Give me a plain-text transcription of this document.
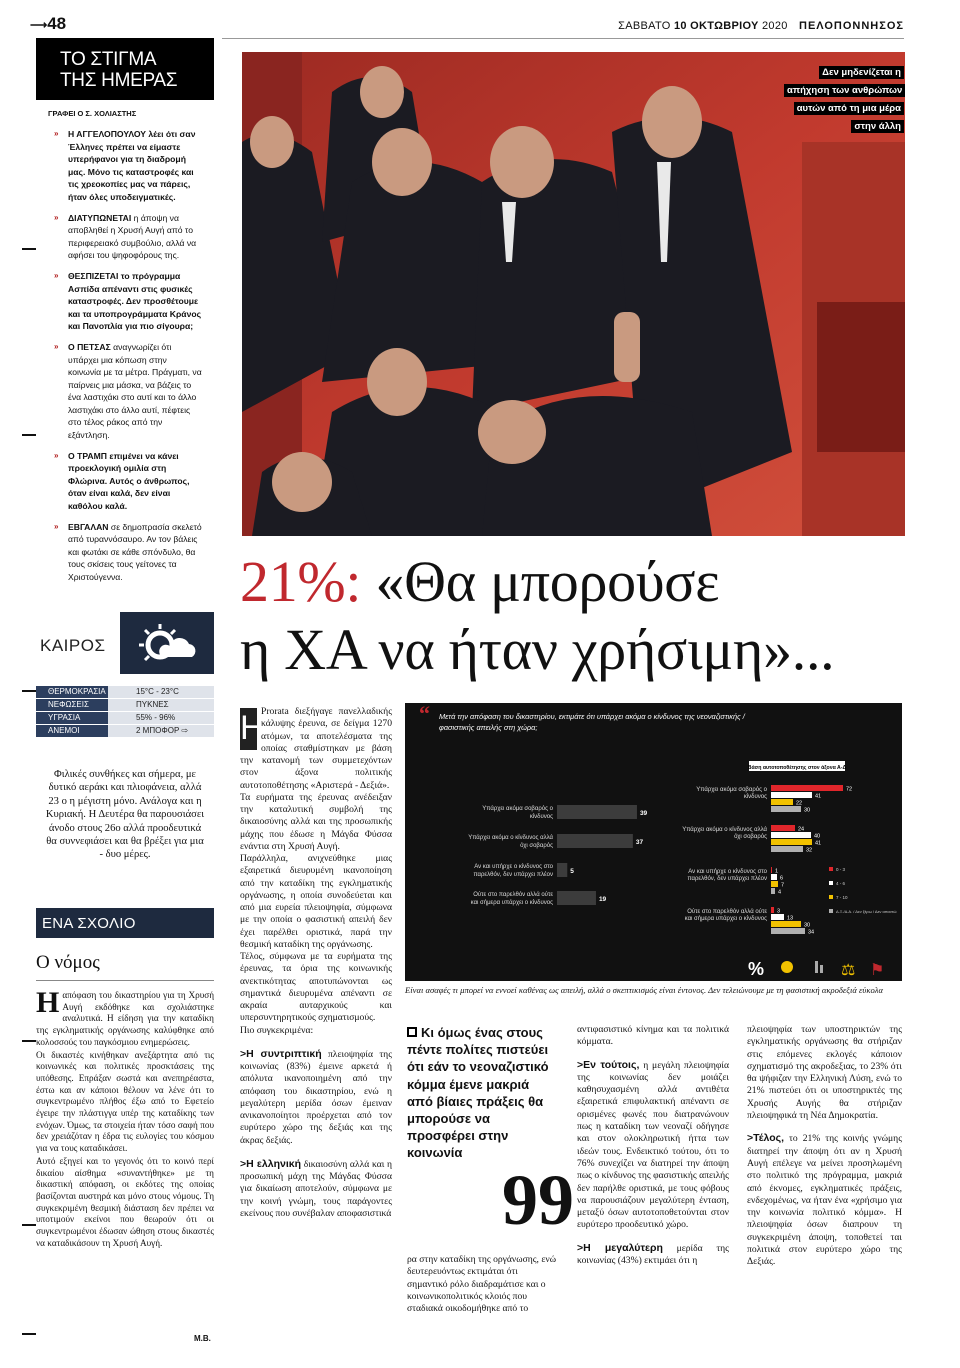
⟶48	ΣΑΒΒΑΤΟ 10 ΟΚΤΩΒΡΙΟΥ 2020 ΠΕΛΟΠΟΝΝΗΣΟΣ
ΤΟ ΣΤΙΓΜΑ
ΤΗΣ ΗΜΕΡΑΣ
ΓΡΑΦΕΙ Ο Σ. ΧΟΛΙΑΣΤΗΣ
» Η ΑΓΓΕΛΟΠΟΥΛΟΥ λέει ότι σαν Έλληνες πρέπει να είμαστε υπερήφανοι για τη διαδρομή μας. Μόνο τις καταστροφές και τις χρεοκοπίες μας να πάρεις, ήταν όλες υποδειγματικές.
» ΔΙΑΤΥΠΩΝΕΤΑΙ η άποψη να αποβληθεί η Χρυσή Αυγή από το περιφερειακό συμβούλιο, αλλά να αφήσει του ψηφοφόρους της.
» ΘΕΣΠΙΖΕΤΑΙ το πρόγραμμα Ασπίδα απέναντι στις φυσικές καταστροφές. Δεν προσθέτουμε και τα υποπρογράμματα Κράνος και Πανοπλία για πιο σίγουρα;
» Ο ΠΕΤΣΑΣ αναγνωρίζει ότι υπάρχει μια κόπωση στην κοινωνία με τα μέτρα. Πράγματι, να παίρνεις μια μάσκα, να βάζεις το ένα λαστιχάκι στο αυτί και το άλλο λαστιχάκι στο άλλο αυτί, πέφτεις στο τέλος ράκος από την εξάντληση.
» Ο ΤΡΑΜΠ επιμένει να κάνει προεκλογική ομιλία στη Φλώρινα. Αυτός ο άνθρωπος, όταν είναι καλά, δεν είναι καθόλου καλά.
» ΕΒΓΑΛΑΝ σε δημοπρασία σκελετό από τυραννόσαυρο. Αν τον βάλεις και φωτάκι σε κάθε σπόνδυλο, θα τους σκίσεις τους γείτονες τα Χριστούγεννα.
ΚΑΙΡΟΣ
ΘΕΡΜΟΚΡΑΣΙΑ	15°C - 23°C
ΝΕΦΩΣΕΙΣ	ΠΥΚΝΕΣ
ΥΓΡΑΣΙΑ	55% - 96%
ΑΝΕΜΟΙ	2 ΜΠΟΦΟΡ ⇨
Φιλικές συνθήκες και σήμερα, με δυτικό αεράκι και πλιοφάνεια, αλλά 23 ο η μέγιστη μόνο. Ανάλογα και η Κυριακή. Η Δευτέρα θα παρουσιάσει άνοδο στους 26ο αλλά προοδευτικά θα συννεφιάσει και θα βρέξει για μια - δυο μέρες.
ΕΝΑ ΣΧΟΛΙΟ
Ο νόμος
Η απόφαση του δικαστηρίου για τη Χρυσή Αυγή εκδόθηκε και σχολιάστηκε αναλυτικά. Η είδηση για την καταδίκη της εγκληματικής οργάνωσης καλύφθηκε από κολοσσούς του παγκόσμιου ενημερώσεις.

Οι δικαστές κινήθηκαν ανεξάρτητα από τις κοινωνικές και πολιτικές προσκτάσεις της υπόθεσης. Επράξαν σωστά και ανεπηρέαστα, έστω και αν κάποιοι θέλουν να λένε ότι το συγκεντρωμένο πλήθος έξω από το Εφετείο έγειρε την πλάστιγγα υπέρ της καταδίκης των ενόχων. Όμως, τα στοιχεία ήταν τόσο σαφή που δεν χρειάζόταν η έδρα τις ευλογίες του κόσμου για να τους καταδικάσει.

Αυτό εξηγεί και το γεγονός ότι το κοινό περί δικαίου αίσθημα «συναντήθηκε» με τη δικαστική απόφαση, οι εκδότες της οποίας βασίζονται αυστηρά και μόνο στους νόμους. Τη συγκεκριμένη θεσμική διάσταση δεν πρέπει να υποτιμούν εκείνοι που θεωρούν ότι οι συγκεντρωμένοι έδωσαν ώθηση στους δικαστές να καταδικάσουν τη Χρυσή Αυγή.

Μ.Β.
Δεν μηδενίζεται η απήχηση των ανθρώπων αυτών από τη μια μέρα στην άλλη
21%: «Θα μπορούσε
η ΧΑ να ήταν χρήσιμη»...
Η

Prorata διεξήγαγε πανελλαδικής κάλυψης έρευνα, σε δείγμα 1270 ατόμων, τα αποτελέσματα της οποίας σταθμίστηκαν με βάση την κατανομή των συμμετεχόντων στον άξονα πολιτικής αυτοτοποθέτησης «Αριστερά - Δεξιά».

Τα ευρήματα της έρευνας ανέδειξαν την καταλυτική συμβολή της δικαιοσύνης αλλά και της προσωπικής μάχης που έδωσε η Μάγδα Φύσσα ενάντια στη Χρυσή Αυγή.

Παράλληλα, ανιχνεύθηκε μιας εξαιρετικά διευρυμένη ικανοποίηση από την καταδίκη της εγκληματικής οργάνωσης, η οποία συνοδεύεται και από μια ευρεία πλειοψηφία, σύμφωνα με την οποία ο φασιστική απειλή δεν έχει παρέλθει οριστικά, παρά την θεσμική καταδίκη της οργάνωσης.

Τέλος, σύμφωνα με τα ευρήματα της έρευνας, τα όρια της κοινωνικής ανεκτικότητας αποτυπώνονται ως σημαντικά διευρυμένα απέναντι σε ακραία αυταρχικούς και υπερσυντηρητικούς σχηματισμούς.

Πιο συγκεκριμένα:

>Η συντριπτική πλειοψηφία της κοινωνίας (83%) έμεινε αρκετά ή απόλυτα ικανοποιημένη από την απόφαση του δικαστηρίου, ενώ η μεγαλύτερη μερίδα όσων έμειναν ανικανοποίητοι προέρχεται από τον ευρύτερο χώρο της δεξιάς και της άκρας δεξιάς.

>Η ελληνική δικαιοσύνη αλλά και η προσωπική μάχη της Μάγδας Φύσσα για δικαίωση αποτελούν, σύμφωνα με την κοινή γνώμη, τους παράγοντες εκείνους που συνέβαλαν αποφασιστικά

“ Μετά την απόφαση του δικαστηρίου, εκτιμάτε ότι υπάρχει ακόμα ο κίνδυνος της νεοναζιστικής /
φασιστικής απειλής στη χώρα;
Βάση αυτοτοποθέτησης στον άξονα Α-Δ
Υπάρχει ακόμα σοβαρός ο
κίνδυνος	39
Υπάρχει ακόμα ο κίνδυνος αλλά
όχι σοβαρός	37
Αν και υπήρχε ο κίνδυνος στο
παρελθόν, δεν υπάρχει πλέον	5
Ούτε στο παρελθόν αλλά ούτε
και σήμερα υπάρχει ο κίνδυνος	19
Υπάρχει ακόμα σοβαρός ο
κίνδυνος
72
41
22
30
Υπάρχει ακόμα ο κίνδυνος αλλά
όχι σοβαρός
24
40
41
32
Αν και υπήρχε ο κίνδυνος στο
παρελθόν, δεν υπάρχει πλέον
1
6
7
4
Ούτε στο παρελθόν αλλά ούτε
και σήμερα υπάρχει ο κίνδυνος
3
13
30
34
0 - 3
4 - 6
7 - 10
Δ.Ξ./Δ.Α. / Δεν ξέρω / Δεν απαντώ
%	⚖ ⚑
Είναι ασαφές τι μπορεί να εννοεί καθένας ως απειλή, αλλά ο σκεπτικισμός είναι έντονος. Δεν τελειώνουμε με τη φασιστική ακροδεξιά εύκολα
Κι όμως ένας στους πέντε πολίτες πιστεύει ότι εάν το νεοναζιστικό κόμμα έμενε μακριά από βίαιες πράξεις θα μπορούσε να προσφέρει στην κοινωνία
99
ρα στην καταδίκη της οργάνωσης, ενώ δευτερευόντως εκτιμάται ότι σημαντικό ρόλο διαδραμάτισε και ο κοινωνικοπολιτικός κλοιός που σταδιακά οικοδομήθηκε από το

αντιφασιστικό κίνημα και τα πολιτικά κόμματα.

>Εν τούτοις, η μεγάλη πλειοψηφία της κοινωνίας δεν μοιάζει καθησυχασμένη αλλά αντιθέτα εξαιρετικά επιφυλακτική απέναντι σε ορισμένες φωνές που διατρανώνουν πως η καταδίκη των νεοναζί οδήγησε και στον ολοκληρωτική ήττα των ιδεών τους. Ενδεικτικό τούτου, ότι το 76% συνεχίζει να διατηρεί την άποψη πως ο κίνδυνος της φασιστικής απειλής δεν παρήλθε οριστικά, με τους φόβους να παρουσιάζουν μεγαλύτερη ένταση, μεταξύ όσων αυτοτοποθετούνται στον ευρύτερο προοδευτικό χώρο.

>Η μεγαλύτερη μερίδα της κοινωνίας (43%) εκτιμάει ότι η

πλειοψηφία των υποστηρικτών της εγκληματικής οργάνωσης θα στήριζαν στις επόμενες εκλογές κάποιον σχηματισμό της ακροδεξιας, το 23% ότι θα ψήφιζαν την Ελληνική Λύση, ενώ το 21% πιστεύει ότι οι υποστηρικτές της Χρυσής Αυγής θα στήριζαν πλειοψηφικά τη Νέα Δημοκρατία.

>Τέλος, το 21% της κοινής γνώμης διατηρεί την άποψη ότι αν η Χρυσή Αυγή επέλεγε να μείνει προσηλωμένη στο πολιτικό της πρόγραμμα, μακριά από έκνομες, εγκληματικές πράξεις, ενδεχομένως, να ήταν ένα «χρήσιμο για την κοινωνία πολιτικό κόμμα». Η πλειοψηφία όσων διαπρουν τη συγκεκριμένη άποψη, τοποθετεί ται πολιτικά στον ευρύτερο χώρο της Δεξιάς.
